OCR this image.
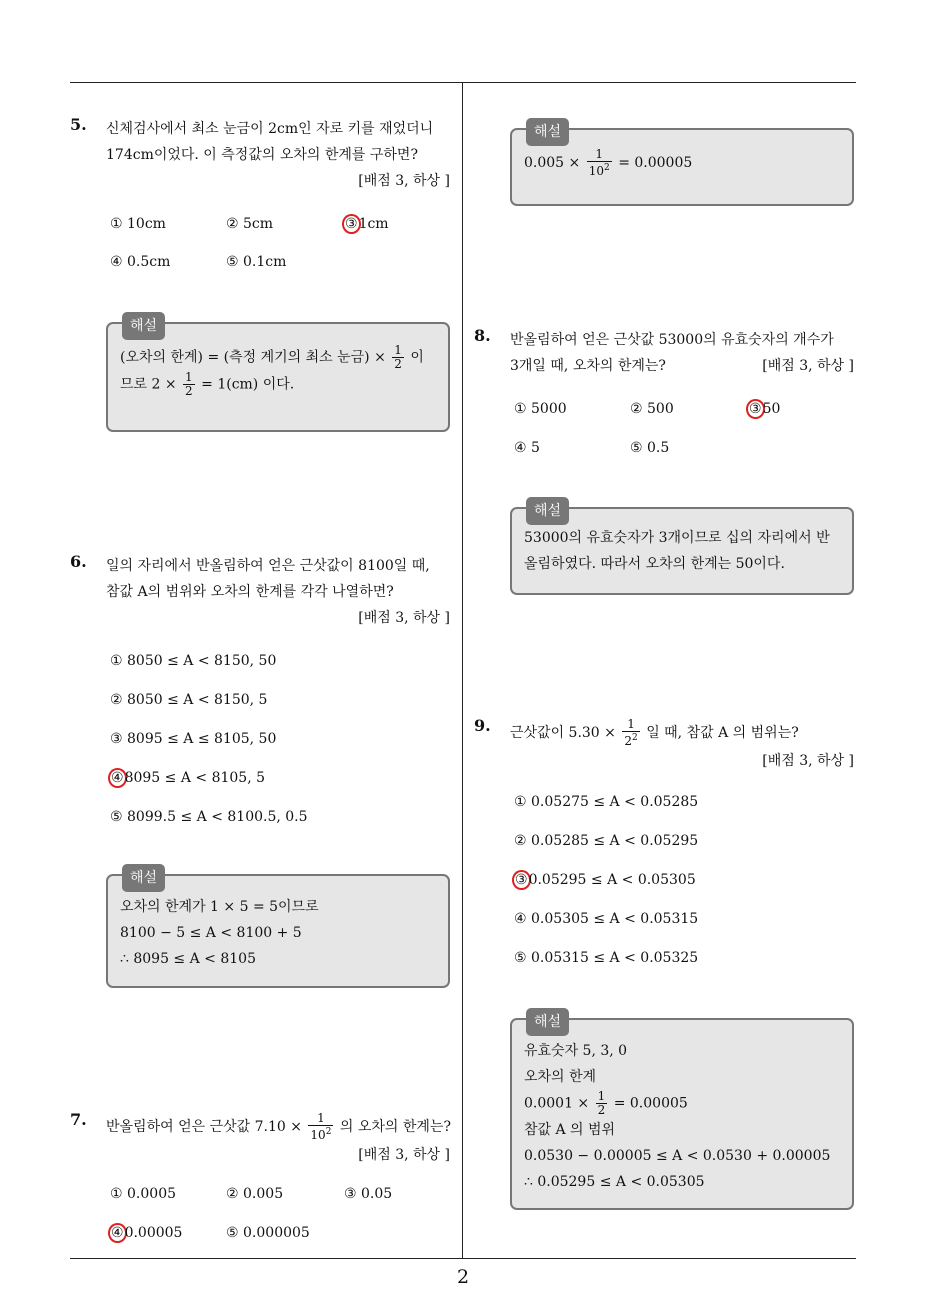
2
5. 신체검사에서 최소 눈금이 2cm인 자로 키를 재었더니
174cm이었다. 이 측정값의 오차의 한계를 구하면?
[배점 3, 하상 ]
① 10cm	② 5cm	③1cm
④ 0.5cm	⑤ 0.1cm
해설
(오차의 한계) = (측정 계기의 최소 눈금) × $\frac{1}{2}$ 이
므로 $2 \times \frac{1}{2} = 1(cm)$ 이다.
6. 일의 자리에서 반올림하여 얻은 근삿값이 8100일 때,
참값 A의 범위와 오차의 한계를 각각 나열하면?
[배점 3, 하상 ]
① 8050 ≤ A < 8150, 50
② 8050 ≤ A < 8150, 5
③ 8095 ≤ A ≤ 8105, 50
④8095 ≤ A < 8105, 5
⑤ 8099.5 ≤ A < 8100.5, 0.5
해설
오차의 한계가 1 × 5 = 5이므로
8100 − 5 ≤ A < 8100 + 5
∴ 8095 ≤ A < 8105
7. 반올림하여 얻은 근삿값 $7.10 \times \frac{1}{10^2}$ 의 오차의 한계는?
[배점 3, 하상 ]
① 0.0005	② 0.005	③ 0.05
④0.00005	⑤ 0.000005
해설
$0.005 \times \frac{1}{10^2} = 0.00005$
8. 반올림하여 얻은 근삿값 53000의 유효숫자의 개수가
3개일 때, 오차의 한계는?	[배점 3, 하상 ]
① 5000	② 500	③50
④ 5	⑤ 0.5
해설
53000의 유효숫자가 3개이므로 십의 자리에서 반
올림하였다. 따라서 오차의 한계는 50이다.
9. 근삿값이 $5.30 \times \frac{1}{2^2}$ 일 때, 참값 A 의 범위는?
[배점 3, 하상 ]
① 0.05275 ≤ A < 0.05285
② 0.05285 ≤ A < 0.05295
③0.05295 ≤ A < 0.05305
④ 0.05305 ≤ A < 0.05315
⑤ 0.05315 ≤ A < 0.05325
해설
유효숫자 5, 3, 0
오차의 한계
$0.0001 \times \frac{1}{2} = 0.00005$
참값 A 의 범위
0.0530 − 0.00005 ≤ A < 0.0530 + 0.00005
∴ 0.05295 ≤ A < 0.05305
